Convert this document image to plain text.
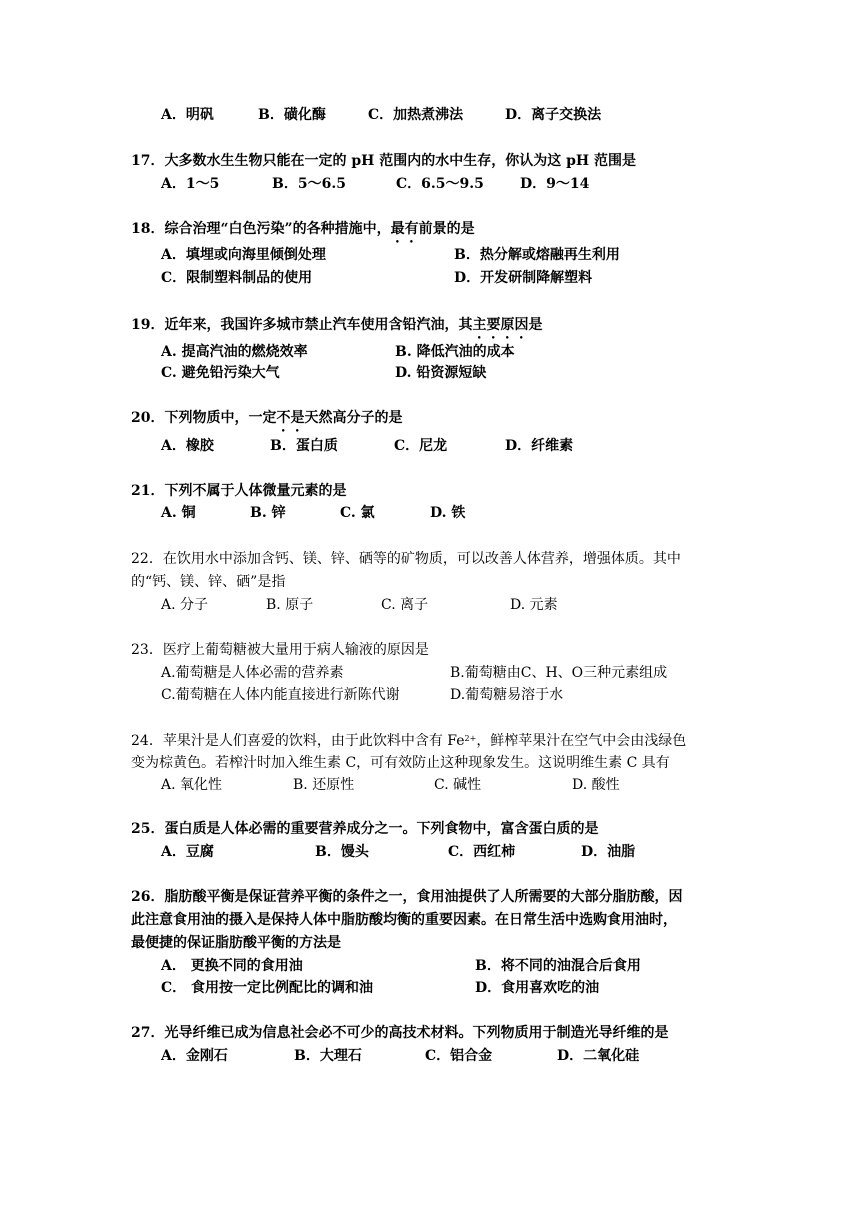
A．明矾	B．磺化酶	C．加热煮沸法	D．离子交换法
17．大多数水生生物只能在一定的 pH 范围内的水中生存，你认为这 pH 范围是
A．1～5	B．5～6.5	C．6.5～9.5	D．9～14
18．综合治理“白色污染”的各种措施中，最有前景的是
A．填埋或向海里倾倒处理	B．热分解或熔融再生利用
C．限制塑料制品的使用	D．开发研制降解塑料
19．近年来，我国许多城市禁止汽车使用含铅汽油，其主要原因是
A. 提高汽油的燃烧效率	B. 降低汽油的成本
C. 避免铅污染大气	D. 铅资源短缺
20．下列物质中，一定不是天然高分子的是
A．橡胶	B．蛋白质	C．尼龙	D．纤维素
21．下列不属于人体微量元素的是
A. 铜	B. 锌	C. 氯	D. 铁
22．在饮用水中添加含钙、镁、锌、硒等的矿物质，可以改善人体营养，增强体质。其中
的“钙、镁、锌、硒”是指
A. 分子	B. 原子	C. 离子	D. 元素
23．医疗上葡萄糖被大量用于病人输液的原因是
A.葡萄糖是人体必需的营养素	B.葡萄糖由C、H、O三种元素组成
C.葡萄糖在人体内能直接进行新陈代谢	D.葡萄糖易溶于水
24．苹果汁是人们喜爱的饮料，由于此饮料中含有 $Fe^{2+}$，鲜榨苹果汁在空气中会由浅绿色
变为棕黄色。若榨汁时加入维生素 C，可有效防止这种现象发生。这说明维生素 C 具有
A. 氧化性	B. 还原性	C. 碱性	D. 酸性
25．蛋白质是人体必需的重要营养成分之一。下列食物中，富含蛋白质的是
A．豆腐	B．馒头	C．西红柿	D．油脂
26．脂肪酸平衡是保证营养平衡的条件之一，食用油提供了人所需要的大部分脂肪酸，因
此注意食用油的摄入是保持人体中脂肪酸均衡的重要因素。在日常生活中选购食用油时，
最便捷的保证脂肪酸平衡的方法是
A． 更换不同的食用油	B．将不同的油混合后食用
C． 食用按一定比例配比的调和油	D．食用喜欢吃的油
27．光导纤维已成为信息社会必不可少的高技术材料。下列物质用于制造光导纤维的是
A．金刚石	B．大理石	C．铝合金	D．二氧化硅
